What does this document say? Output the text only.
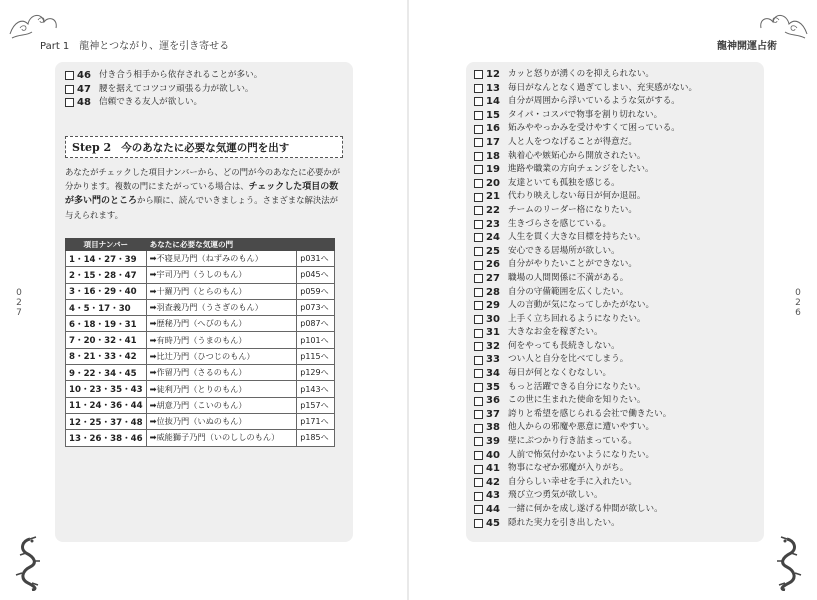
Part 1　龍神とつながり、運を引き寄せる
0
2
7
46 付き合う相手から依存されることが多い。
47 腰を据えてコツコツ頑張る力が欲しい。
48 信頼できる友人が欲しい。
Step 2 今のあなたに必要な気運の門を出す

あなたがチェックした項目ナンバーから、どの門が今のあなたに必要かが分かります。複数の門にまたがっている場合は、チェックした項目の数が多い門のところから順に、読んでいきましょう。さまざまな解決法が与えられます。

項目ナンバー	あなたに必要な気運の門	
1・14・27・39	➡不寝見乃門（ねずみのもん）	p031へ
2・15・28・47	➡宇司乃門（うしのもん）	p045へ
3・16・29・40	➡十羅乃門（とらのもん）	p059へ
4・5・17・30	➡羽查義乃門（うさぎのもん）	p073へ
6・18・19・31	➡歴秘乃門（へびのもん）	p087へ
7・20・32・41	➡有時乃門（うまのもん）	p101へ
8・21・33・42	➡比辻乃門（ひつじのもん）	p115へ
9・22・34・45	➡作留乃門（さるのもん）	p129へ
10・23・35・43	➡徒利乃門（とりのもん）	p143へ
11・24・36・44	➡胡意乃門（こいのもん）	p157へ
12・25・37・48	➡位抜乃門（いぬのもん）	p171へ
13・26・38・46	➡威能獅子乃門（いのししのもん）	p185へ
龍神開運占術
0
2
6
12 カッと怒りが湧くのを抑えられない。
13 毎日がなんとなく過ぎてしまい、充実感がない。
14 自分が周囲から浮いているような気がする。
15 タイパ・コスパで物事を割り切れない。
16 妬みややっかみを受けやすくて困っている。
17 人と人をつなげることが得意だ。
18 執着心や嫉妬心から開放されたい。
19 進路や職業の方向チェンジをしたい。
20 友達といても孤独を感じる。
21 代わり映えしない毎日が何か退屈。
22 チームのリーダー格になりたい。
23 生きづらさを感じている。
24 人生を貫く大きな目標を持ちたい。
25 安心できる居場所が欲しい。
26 自分がやりたいことができない。
27 職場の人間関係に不満がある。
28 自分の守備範囲を広くしたい。
29 人の言動が気になってしかたがない。
30 上手く立ち回れるようになりたい。
31 大きなお金を稼ぎたい。
32 何をやっても長続きしない。
33 つい人と自分を比べてしまう。
34 毎日が何となくむなしい。
35 もっと活躍できる自分になりたい。
36 この世に生まれた使命を知りたい。
37 誇りと希望を感じられる会社で働きたい。
38 他人からの邪魔や悪意に遭いやすい。
39 壁にぶつかり行き詰まっている。
40 人前で怖気付かないようになりたい。
41 物事になぜか邪魔が入りがち。
42 自分らしい幸せを手に入れたい。
43 飛び立つ勇気が欲しい。
44 一緒に何かを成し遂げる仲間が欲しい。
45 隠れた実力を引き出したい。
